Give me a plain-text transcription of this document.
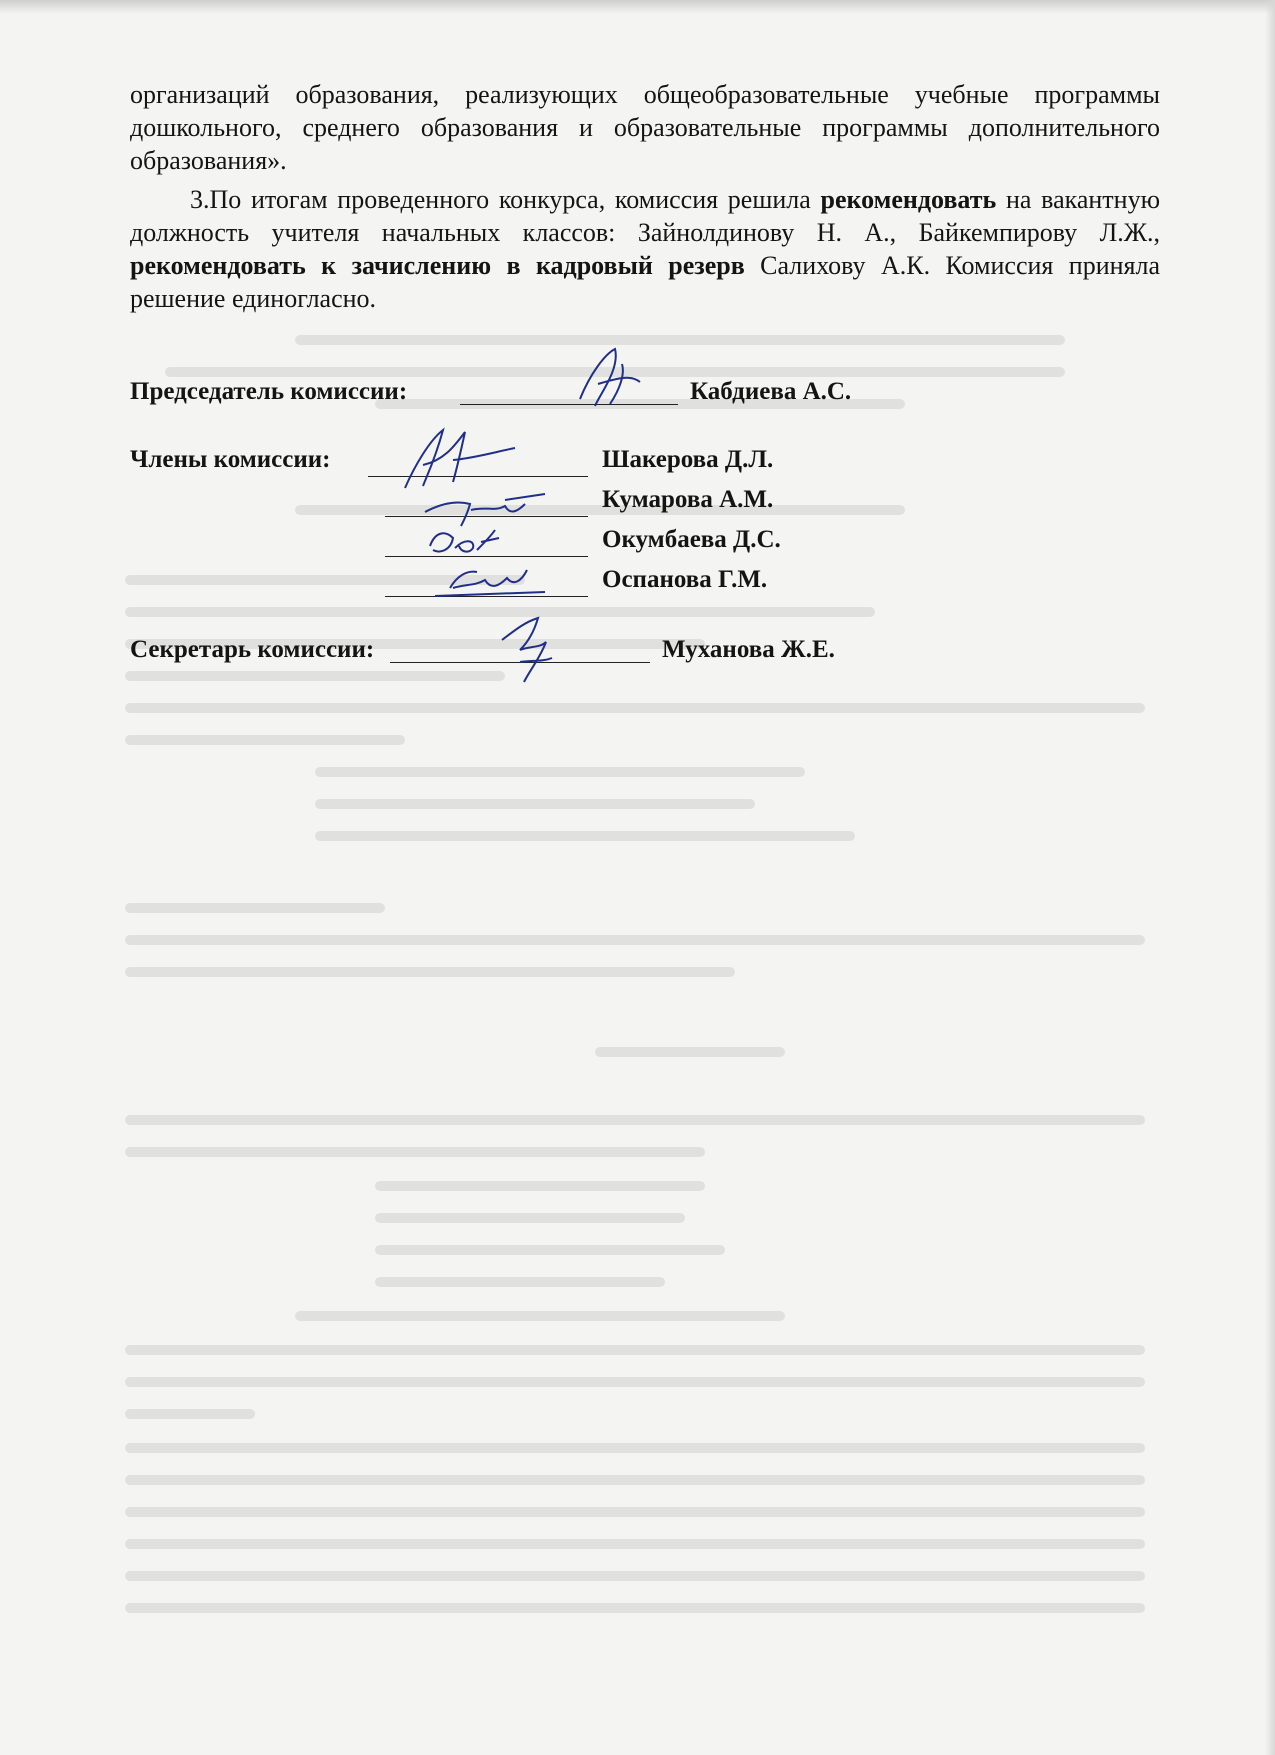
организаций образования, реализующих общеобразовательные учебные программы дошкольного, среднего образования и образовательные программы дополнительного образования».

3.По итогам проведенного конкурса, комиссия решила рекомендовать на вакантную должность учителя начальных классов: Зайнолдинову Н. А., Байкемпирову Л.Ж., рекомендовать к зачислению в кадровый резерв Салихову А.К. Комиссия приняла решение единогласно.

Председатель комиссии:	Кабдиева А.С.
Члены комиссии:	Шакерова Д.Л.
Кумарова А.М.
Окумбаева Д.С.
Оспанова Г.М.
Секретарь комиссии:	Муханова Ж.Е.
